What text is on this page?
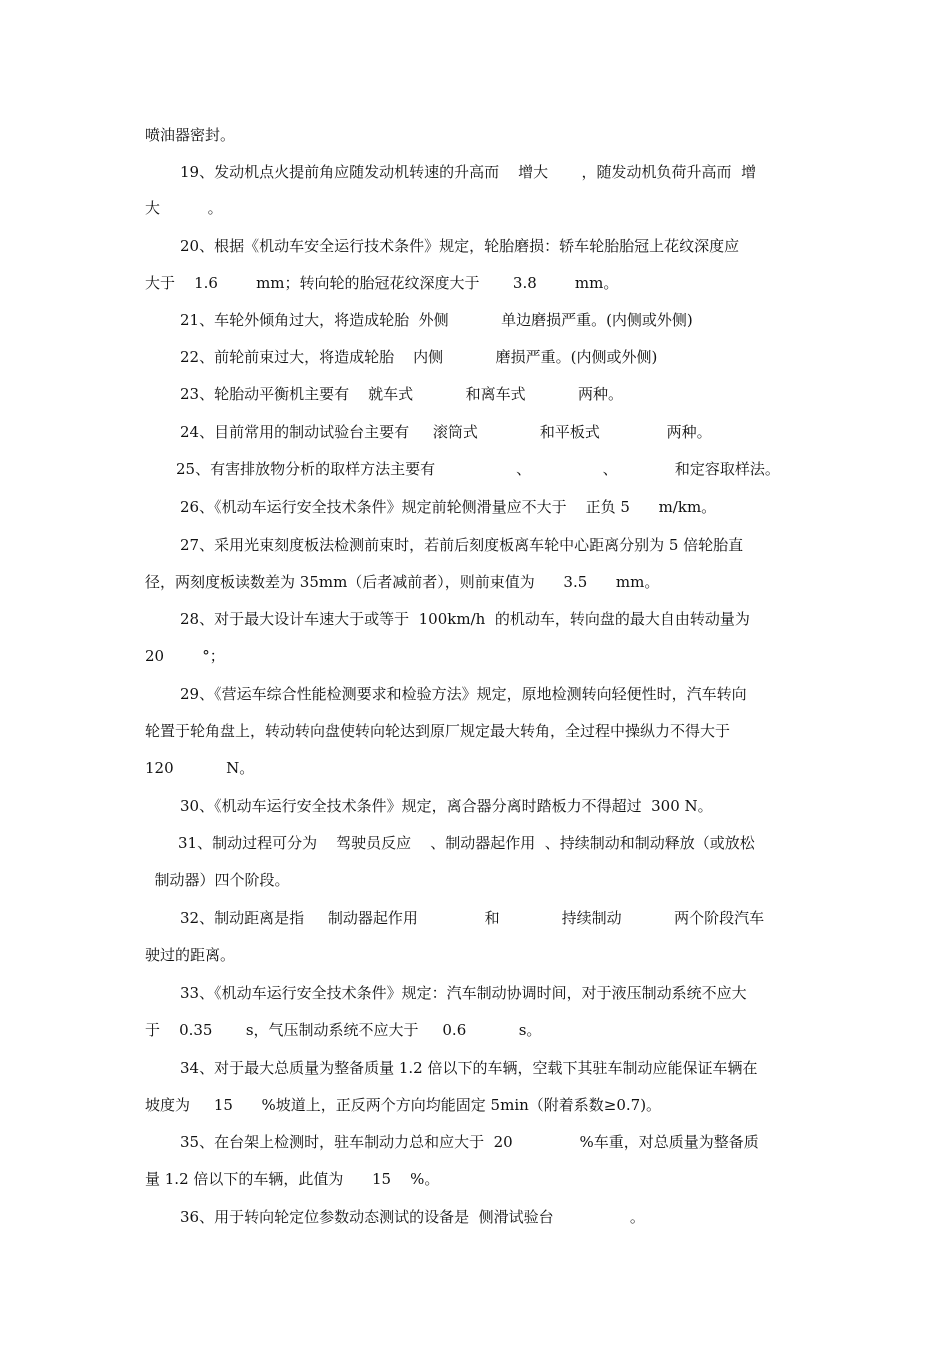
喷油器密封。
19、发动机点火提前角应随发动机转速的升高而    增大       ，随发动机负荷升高而  增
大          。
20、根据《机动车安全运行技术条件》规定，轮胎磨损：轿车轮胎胎冠上花纹深度应
大于    1.6        mm；转向轮的胎冠花纹深度大于       3.8        mm。
21、车轮外倾角过大，将造成轮胎  外侧           单边磨损严重。(内侧或外侧)
22、前轮前束过大，将造成轮胎    内侧           磨损严重。(内侧或外侧)
23、轮胎动平衡机主要有    就车式           和离车式           两种。
24、目前常用的制动试验台主要有     滚筒式             和平板式              两种。
25、有害排放物分析的取样方法主要有                 、               、            和定容取样法。
26、《机动车运行安全技术条件》规定前轮侧滑量应不大于    正负 5      m/km。
27、采用光束刻度板法检测前束时，若前后刻度板离车轮中心距离分别为 5 倍轮胎直
径，两刻度板读数差为 35mm（后者减前者），则前束值为      3.5      mm。
28、对于最大设计车速大于或等于  100km/h  的机动车，转向盘的最大自由转动量为
20        °；
29、《营运车综合性能检测要求和检验方法》规定，原地检测转向轻便性时，汽车转向
轮置于轮角盘上，转动转向盘使转向轮达到原厂规定最大转角，全过程中操纵力不得大于
120           N。
30、《机动车运行安全技术条件》规定，离合器分离时踏板力不得超过  300 N。
31、制动过程可分为    驾驶员反应    、制动器起作用  、持续制动和制动释放（或放松
制动器）四个阶段。
32、制动距离是指     制动器起作用              和             持续制动           两个阶段汽车
驶过的距离。
33、《机动车运行安全技术条件》规定：汽车制动协调时间，对于液压制动系统不应大
于    0.35       s，气压制动系统不应大于     0.6           s。
34、对于最大总质量为整备质量 1.2 倍以下的车辆，空载下其驻车制动应能保证车辆在
坡度为     15      %坡道上，正反两个方向均能固定 5min（附着系数≥0.7)。
35、在台架上检测时，驻车制动力总和应大于  20              %车重，对总质量为整备质
量 1.2 倍以下的车辆，此值为      15    %。
36、用于转向轮定位参数动态测试的设备是  侧滑试验台                。
